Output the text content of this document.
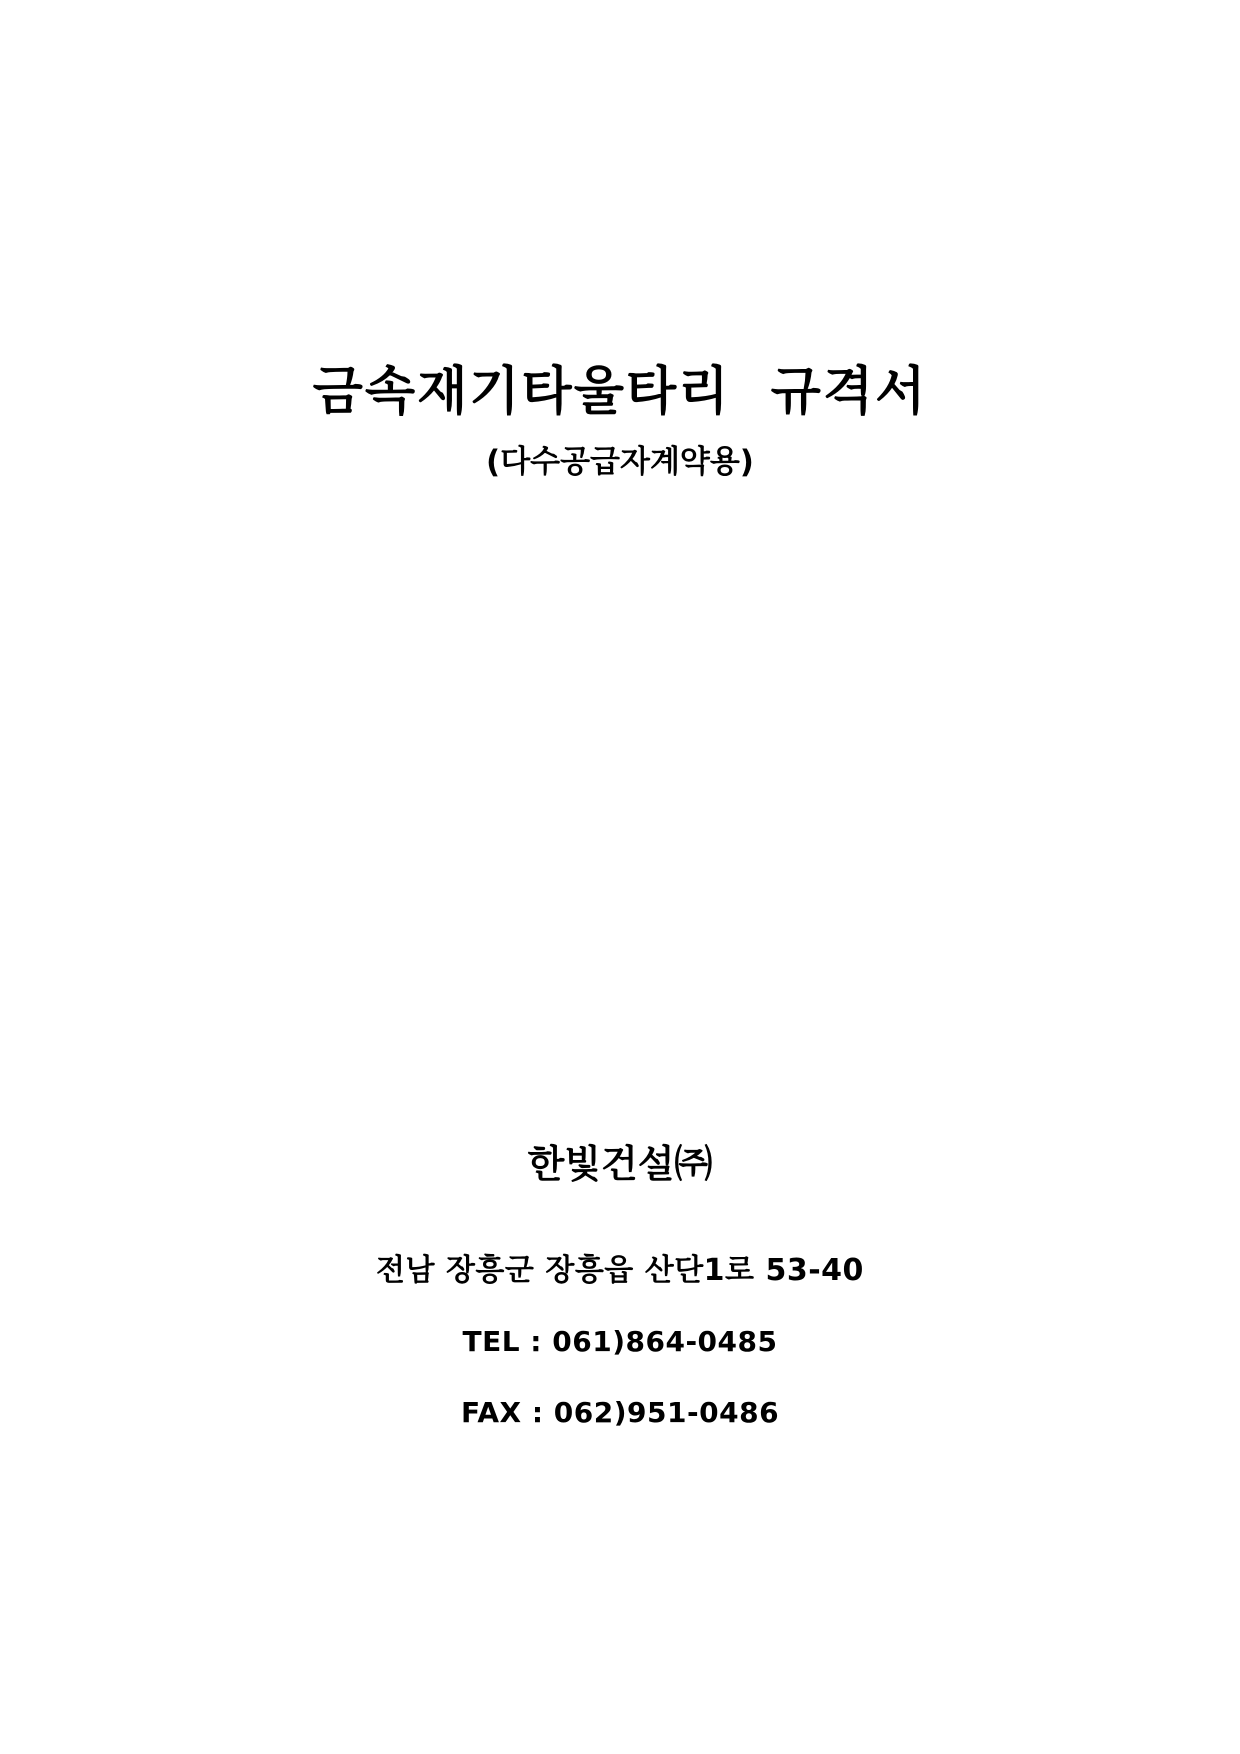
금속재기타울타리  규격서

(다수공급자계약용)

한빛건설㈜

전남 장흥군 장흥읍 산단1로 53-40

TEL : 061)864-0485

FAX : 062)951-0486
